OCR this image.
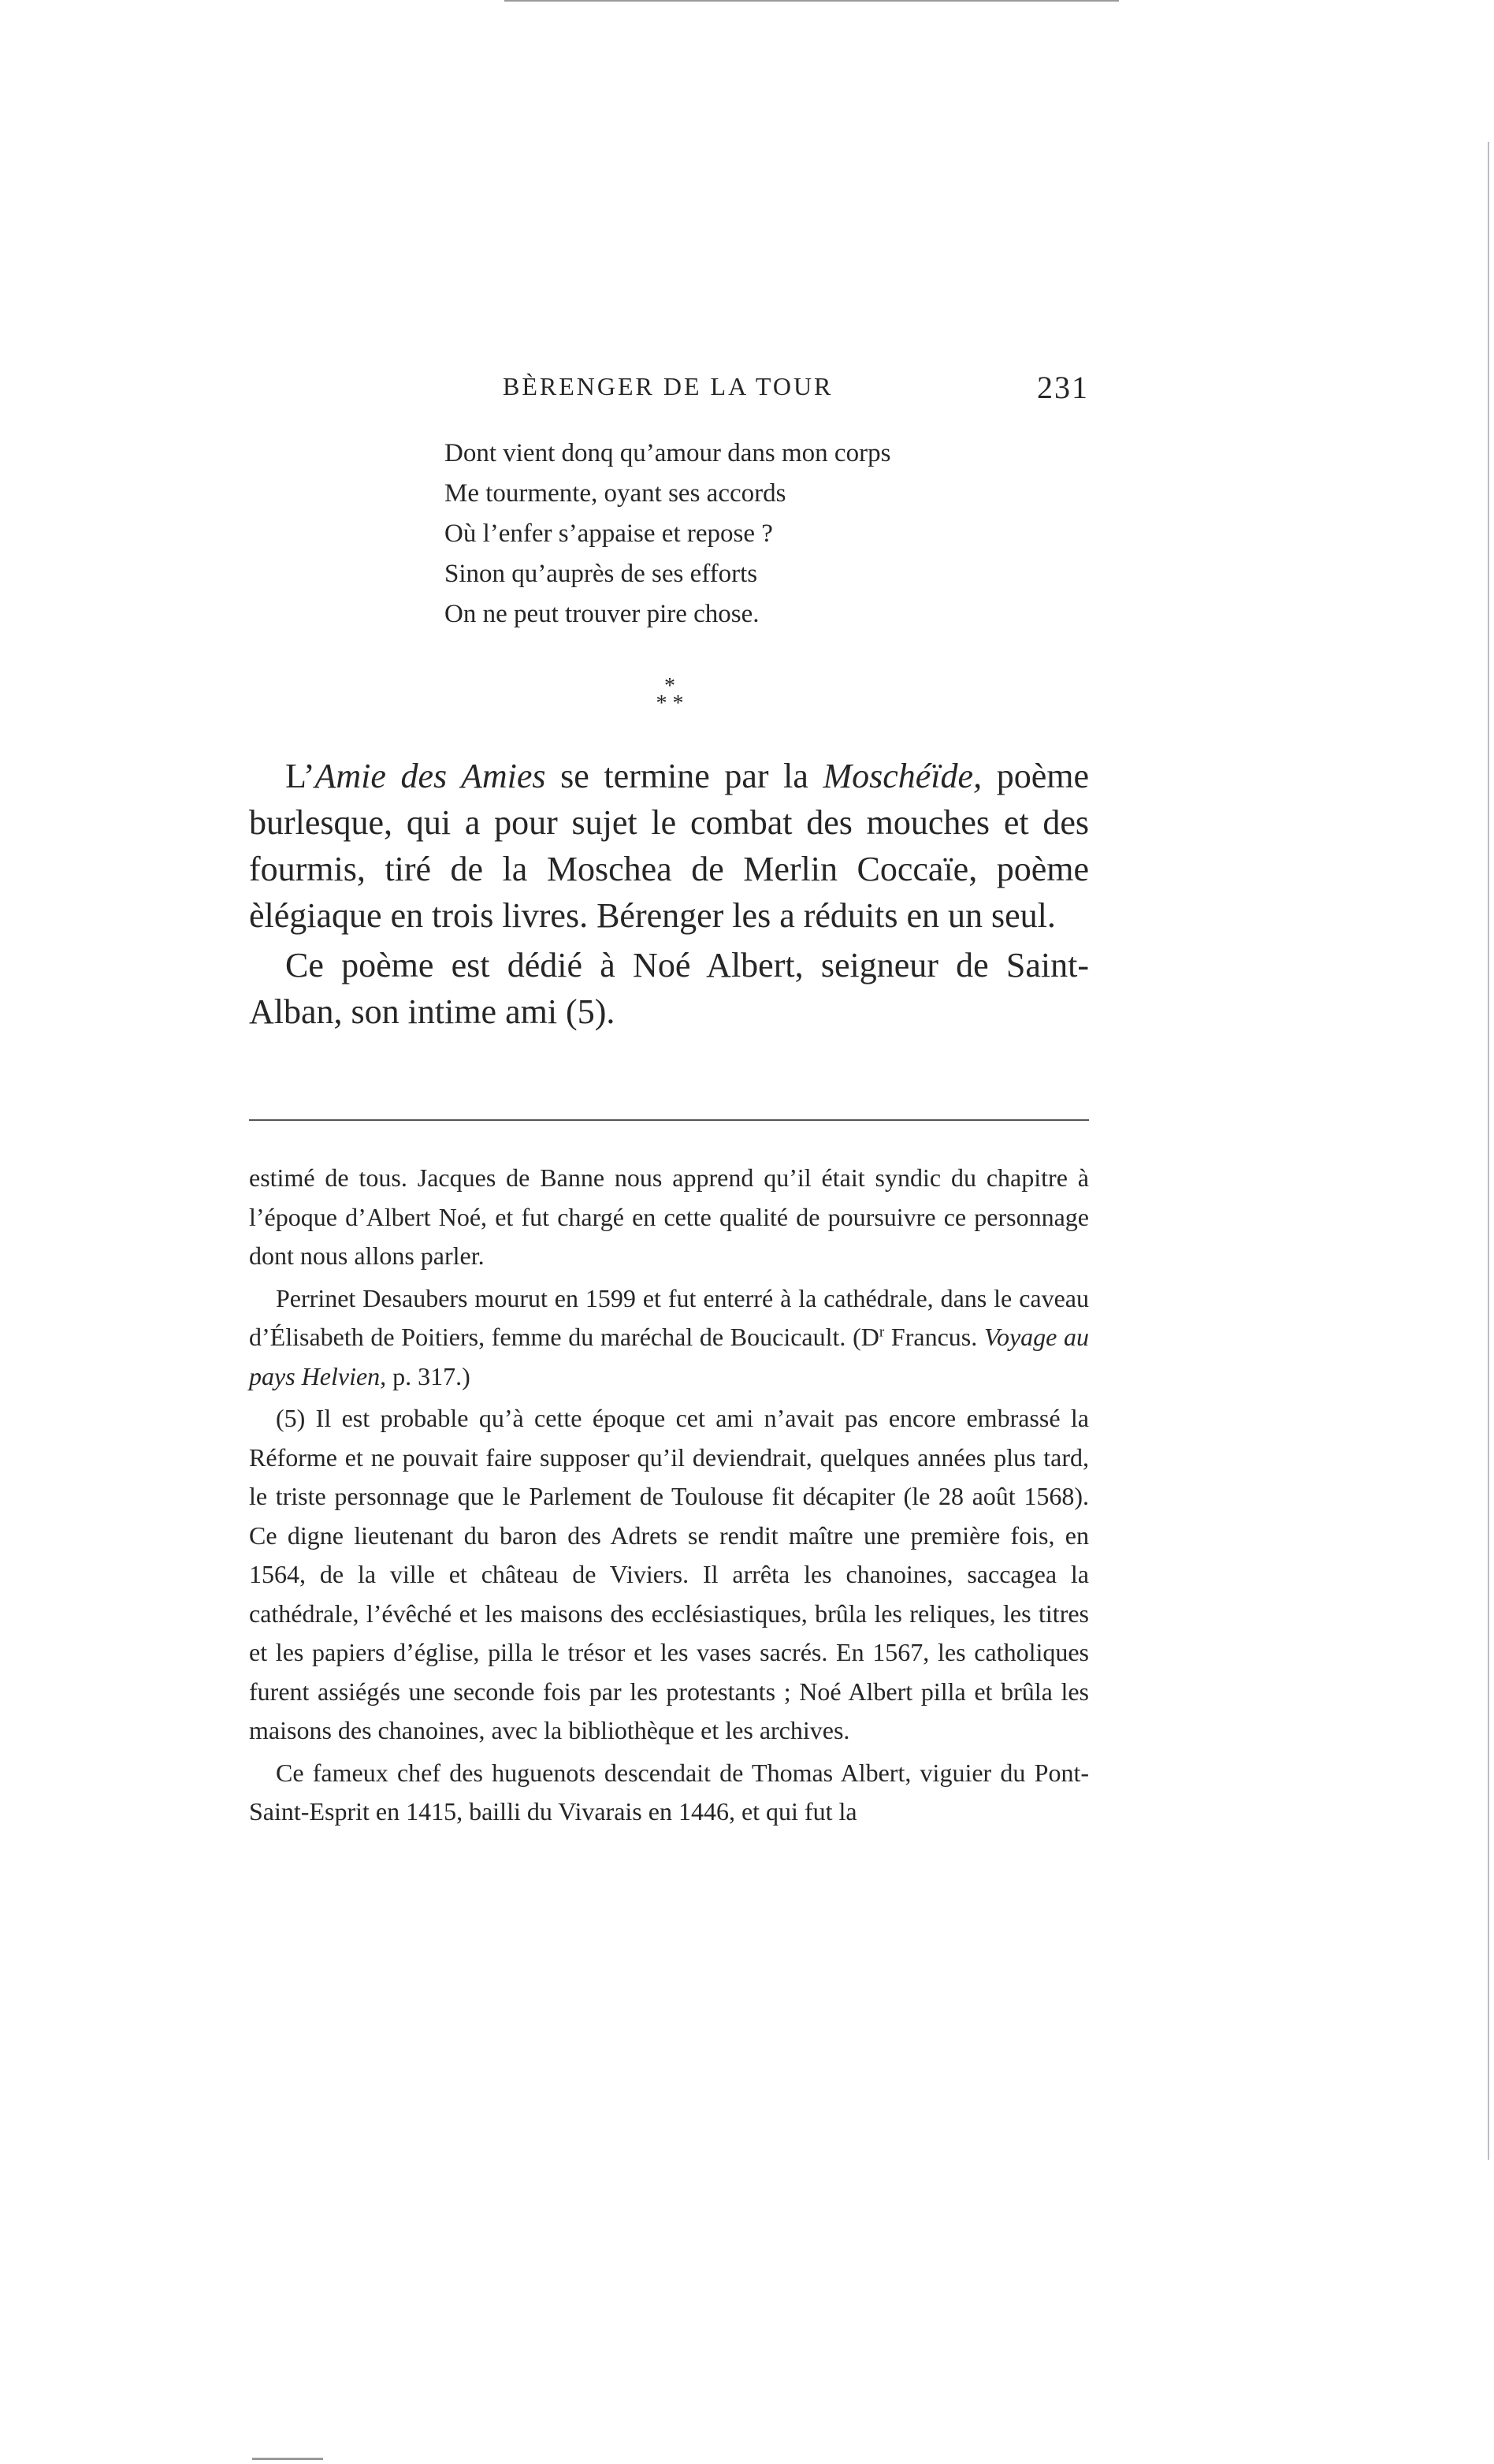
BÈRENGER DE LA TOUR	231
Dont vient donq qu’amour dans mon corps
Me tourmente, oyant ses accords
Où l’enfer s’appaise et repose ?
Sinon qu’auprès de ses efforts
On ne peut trouver pire chose.
*
* *

L’Amie des Amies se termine par la Moschéïde, poème burlesque, qui a pour sujet le combat des mouches et des fourmis, tiré de la Moschea de Merlin Coccaïe, poème èlégiaque en trois livres. Bérenger les a réduits en un seul.

Ce poème est dédié à Noé Albert, seigneur de Saint-Alban, son intime ami (5).

estimé de tous. Jacques de Banne nous apprend qu’il était syndic du chapitre à l’époque d’Albert Noé, et fut chargé en cette qualité de poursuivre ce personnage dont nous allons parler.

Perrinet Desaubers mourut en 1599 et fut enterré à la cathédrale, dans le caveau d’Élisabeth de Poitiers, femme du maréchal de Boucicault. ($D^r$ Francus. Voyage au pays Helvien, p. 317.)

(5) Il est probable qu’à cette époque cet ami n’avait pas encore embrassé la Réforme et ne pouvait faire supposer qu’il deviendrait, quelques années plus tard, le triste personnage que le Parlement de Toulouse fit décapiter (le 28 août 1568). Ce digne lieutenant du baron des Adrets se rendit maître une première fois, en 1564, de la ville et château de Viviers. Il arrêta les chanoines, saccagea la cathédrale, l’évêché et les maisons des ecclésiastiques, brûla les reliques, les titres et les papiers d’église, pilla le trésor et les vases sacrés. En 1567, les catholiques furent assiégés une seconde fois par les protestants ; Noé Albert pilla et brûla les maisons des chanoines, avec la bibliothèque et les archives.

Ce fameux chef des huguenots descendait de Thomas Albert, viguier du Pont-Saint-Esprit en 1415, bailli du Vivarais en 1446, et qui fut la
